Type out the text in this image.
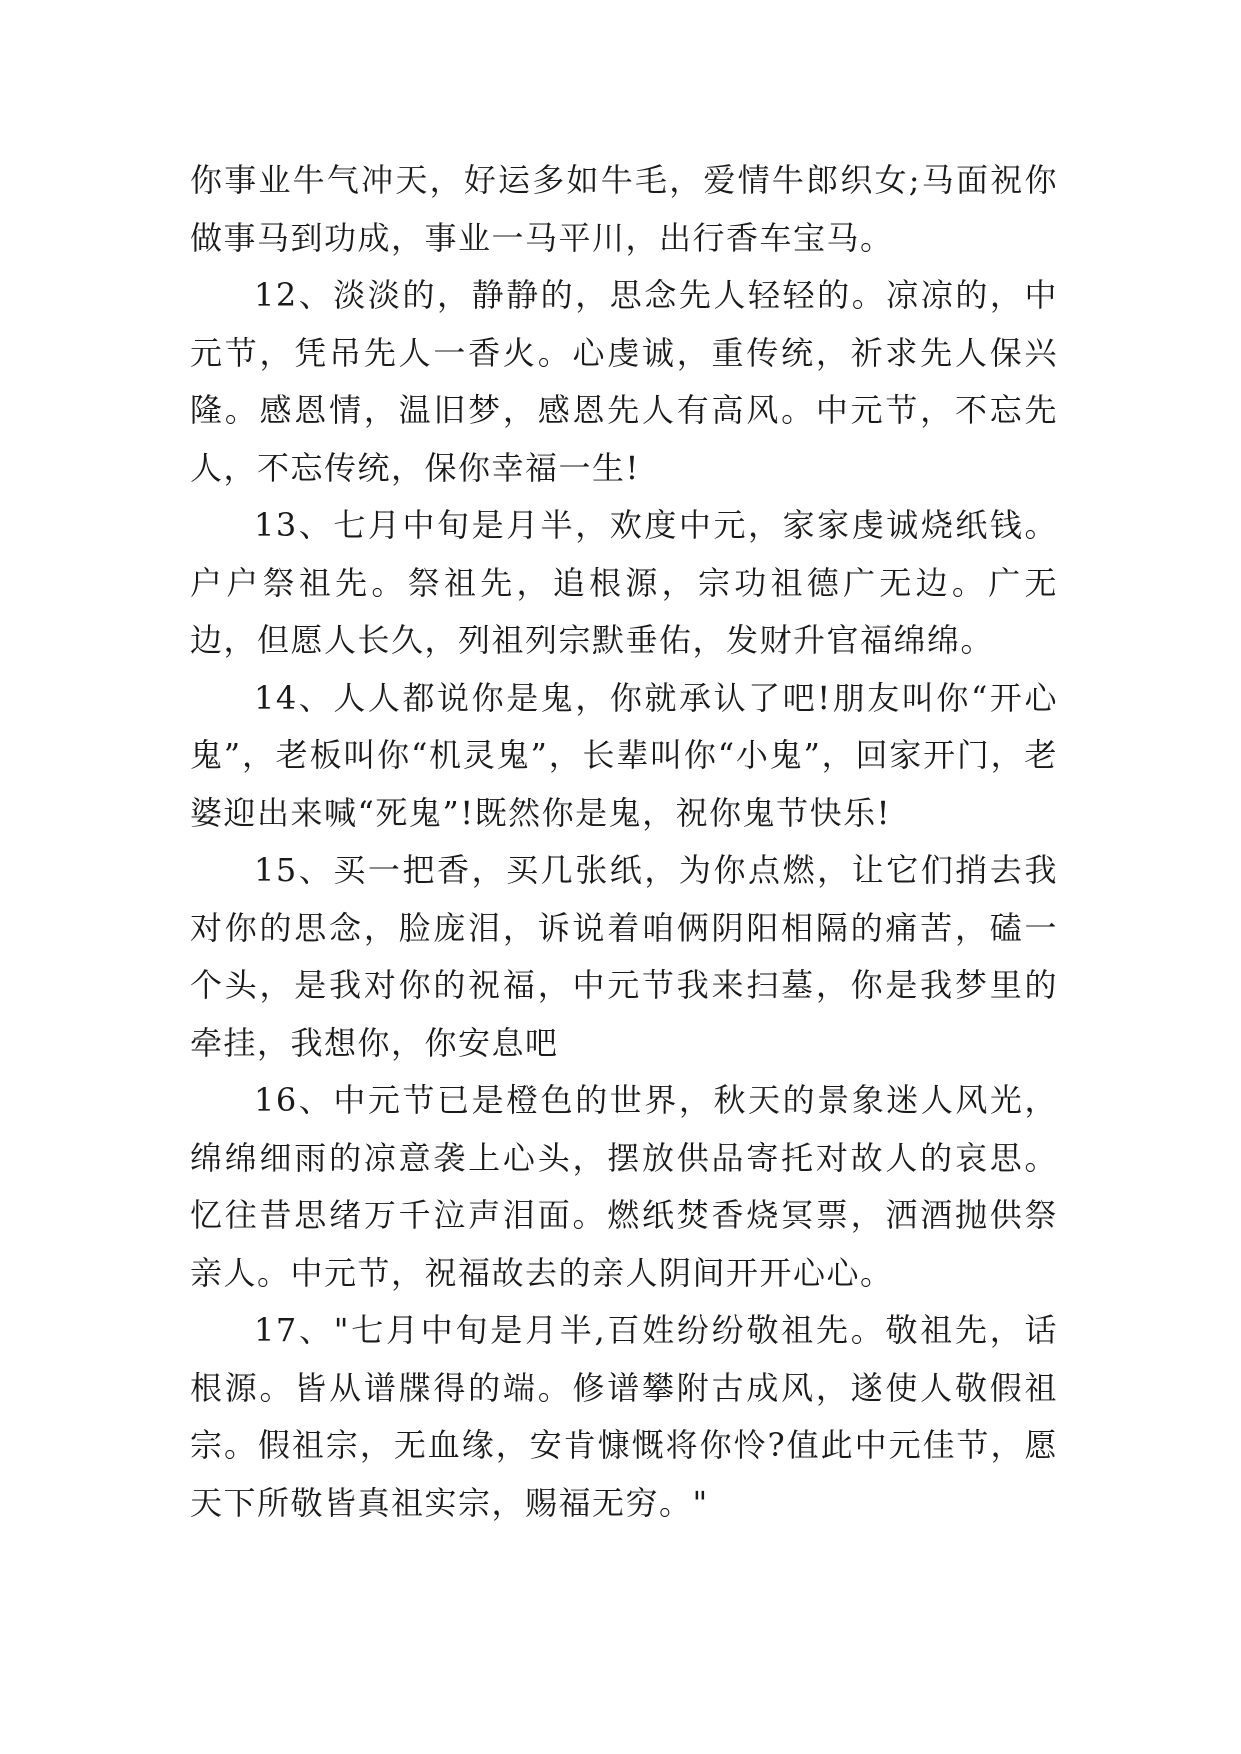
你事业牛气冲天，好运多如牛毛，爱情牛郎织女;马面祝你做事马到功成，事业一马平川，出行香车宝马。

12、淡淡的，静静的，思念先人轻轻的。凉凉的，中元节，凭吊先人一香火。心虔诚，重传统，祈求先人保兴隆。感恩情，温旧梦，感恩先人有高风。中元节，不忘先人，不忘传统，保你幸福一生!

13、七月中旬是月半，欢度中元，家家虔诚烧纸钱。户户祭祖先。祭祖先，追根源，宗功祖德广无边。广无边，但愿人长久，列祖列宗默垂佑，发财升官福绵绵。

14、人人都说你是鬼，你就承认了吧!朋友叫你“开心鬼”，老板叫你“机灵鬼”，长辈叫你“小鬼”，回家开门，老婆迎出来喊“死鬼”!既然你是鬼，祝你鬼节快乐!

15、买一把香，买几张纸，为你点燃，让它们捎去我对你的思念，脸庞泪，诉说着咱俩阴阳相隔的痛苦，磕一个头，是我对你的祝福，中元节我来扫墓，你是我梦里的牵挂，我想你，你安息吧

16、中元节已是橙色的世界，秋天的景象迷人风光，绵绵细雨的凉意袭上心头，摆放供品寄托对故人的哀思。忆往昔思绪万千泣声泪面。燃纸焚香烧冥票，洒酒抛供祭亲人。中元节，祝福故去的亲人阴间开开心心。

17、"七月中旬是月半,百姓纷纷敬祖先。敬祖先，话根源。皆从谱牒得的端。修谱攀附古成风，遂使人敬假祖宗。假祖宗，无血缘，安肯慷慨将你怜?值此中元佳节，愿天下所敬皆真祖实宗，赐福无穷。"
